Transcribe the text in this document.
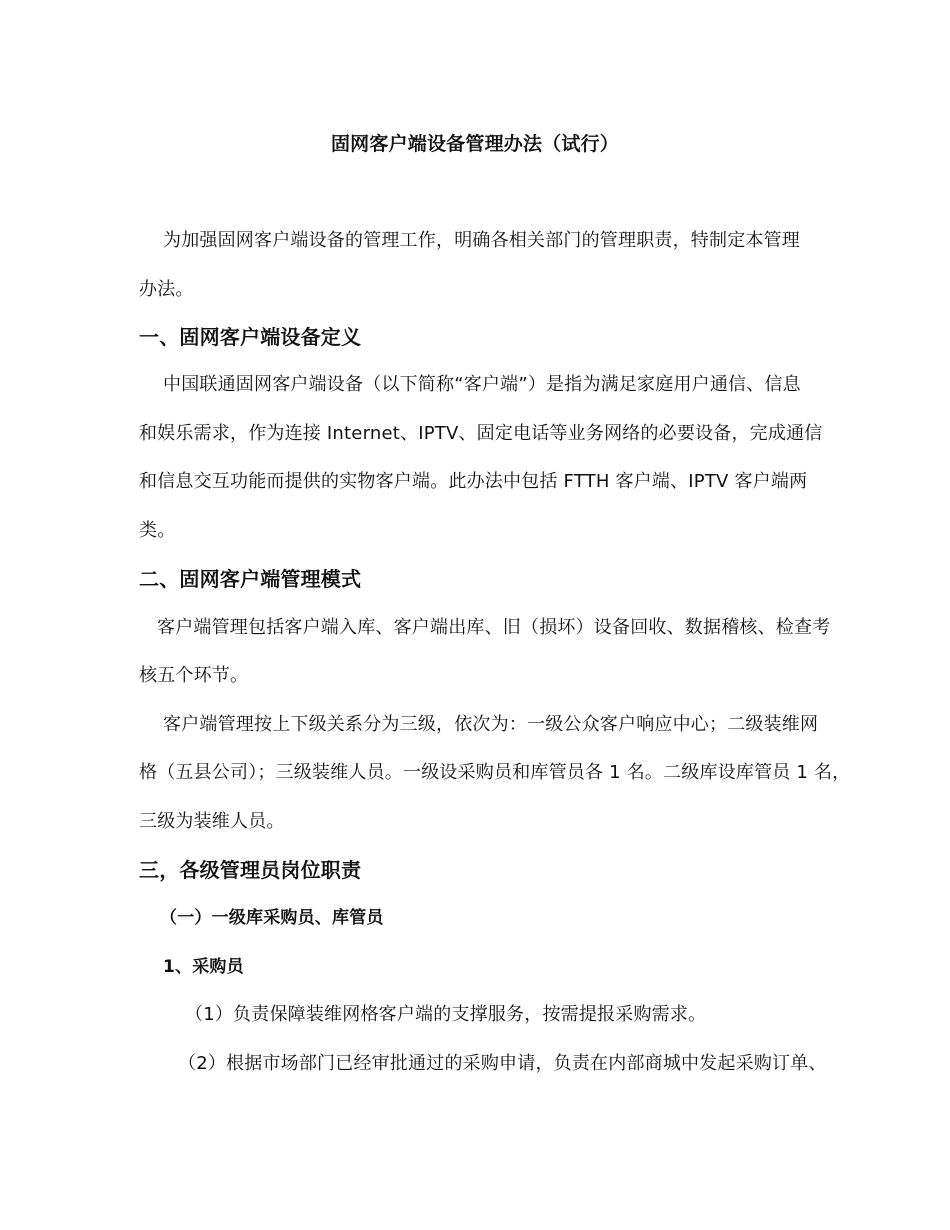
固网客户端设备管理办法（试行）
为加强固网客户端设备的管理工作，明确各相关部门的管理职责，特制定本管理
办法。
一、固网客户端设备定义
中国联通固网客户端设备（以下简称“客户端”）是指为满足家庭用户通信、信息
和娱乐需求，作为连接 Internet、IPTV、固定电话等业务网络的必要设备，完成通信
和信息交互功能而提供的实物客户端。此办法中包括 FTTH 客户端、IPTV 客户端两
类。
二、固网客户端管理模式
客户端管理包括客户端入库、客户端出库、旧（损坏）设备回收、数据稽核、检查考
核五个环节。
客户端管理按上下级关系分为三级，依次为：一级公众客户响应中心；二级装维网
格（五县公司）；三级装维人员。一级设采购员和库管员各 1 名。二级库设库管员 1 名，
三级为装维人员。
三，各级管理员岗位职责
（一）一级库采购员、库管员
1、采购员
（1）负责保障装维网格客户端的支撑服务，按需提报采购需求。
（2）根据市场部门已经审批通过的采购申请，负责在内部商城中发起采购订单、
